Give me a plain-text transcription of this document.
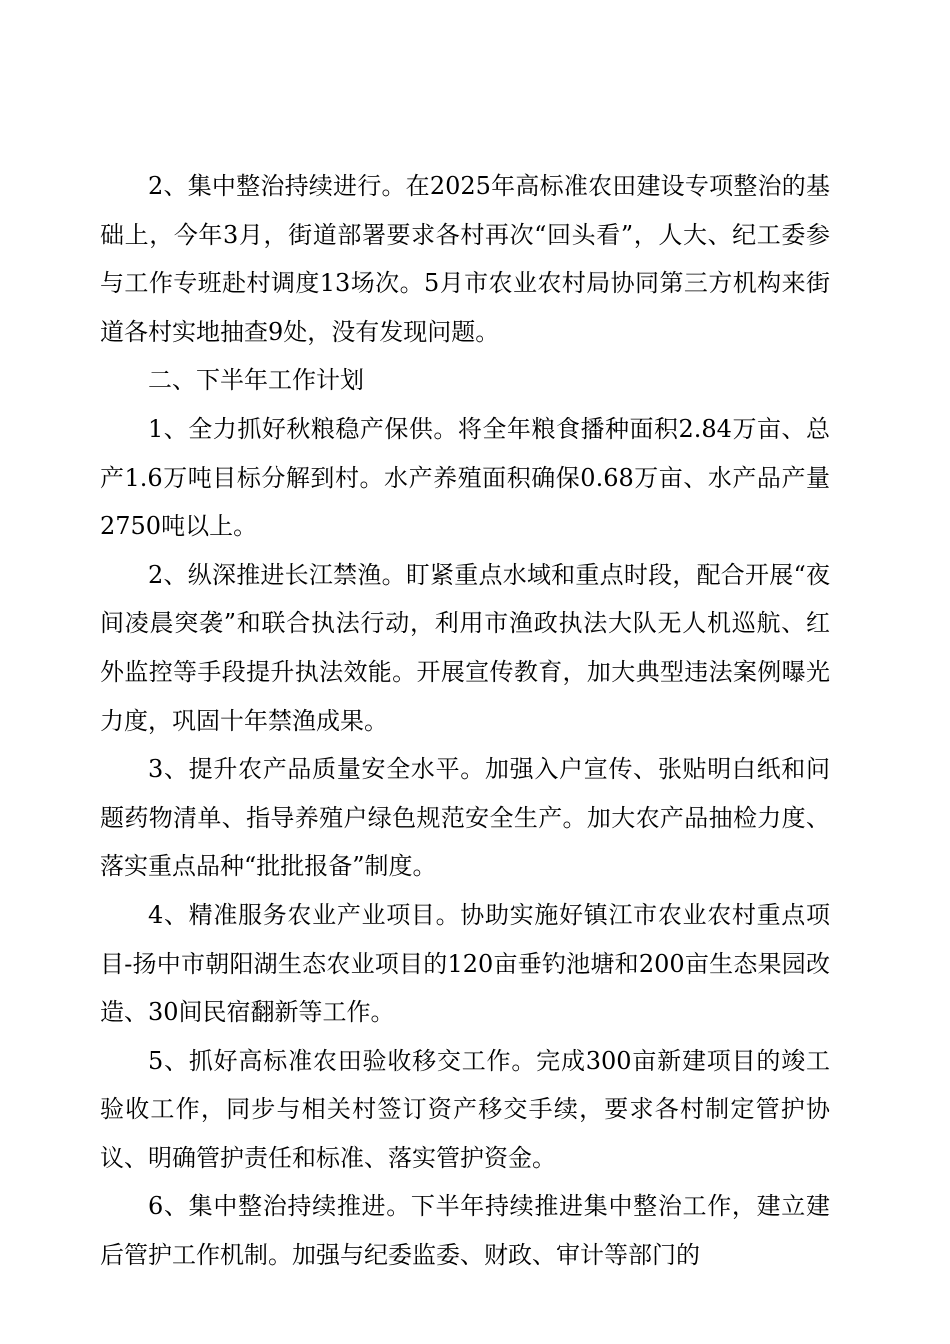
2、集中整治持续进行。在2025年高标准农田建设专项整治的基础上，今年3月，街道部署要求各村再次“回头看”，人大、纪工委参与工作专班赴村调度13场次。5月市农业农村局协同第三方机构来街道各村实地抽查9处，没有发现问题。

二、下半年工作计划

1、全力抓好秋粮稳产保供。将全年粮食播种面积2.84万亩、总产1.6万吨目标分解到村。水产养殖面积确保0.68万亩、水产品产量2750吨以上。

2、纵深推进长江禁渔。盯紧重点水域和重点时段，配合开展“夜间凌晨突袭”和联合执法行动，利用市渔政执法大队无人机巡航、红外监控等手段提升执法效能。开展宣传教育，加大典型违法案例曝光力度，巩固十年禁渔成果。

3、提升农产品质量安全水平。加强入户宣传、张贴明白纸和问题药物清单、指导养殖户绿色规范安全生产。加大农产品抽检力度、落实重点品种“批批报备”制度。

4、精准服务农业产业项目。协助实施好镇江市农业农村重点项目-扬中市朝阳湖生态农业项目的120亩垂钓池塘和200亩生态果园改造、30间民宿翻新等工作。

5、抓好高标准农田验收移交工作。完成300亩新建项目的竣工验收工作，同步与相关村签订资产移交手续，要求各村制定管护协议、明确管护责任和标准、落实管护资金。

6、集中整治持续推进。下半年持续推进集中整治工作，建立建后管护工作机制。加强与纪委监委、财政、审计等部门的
